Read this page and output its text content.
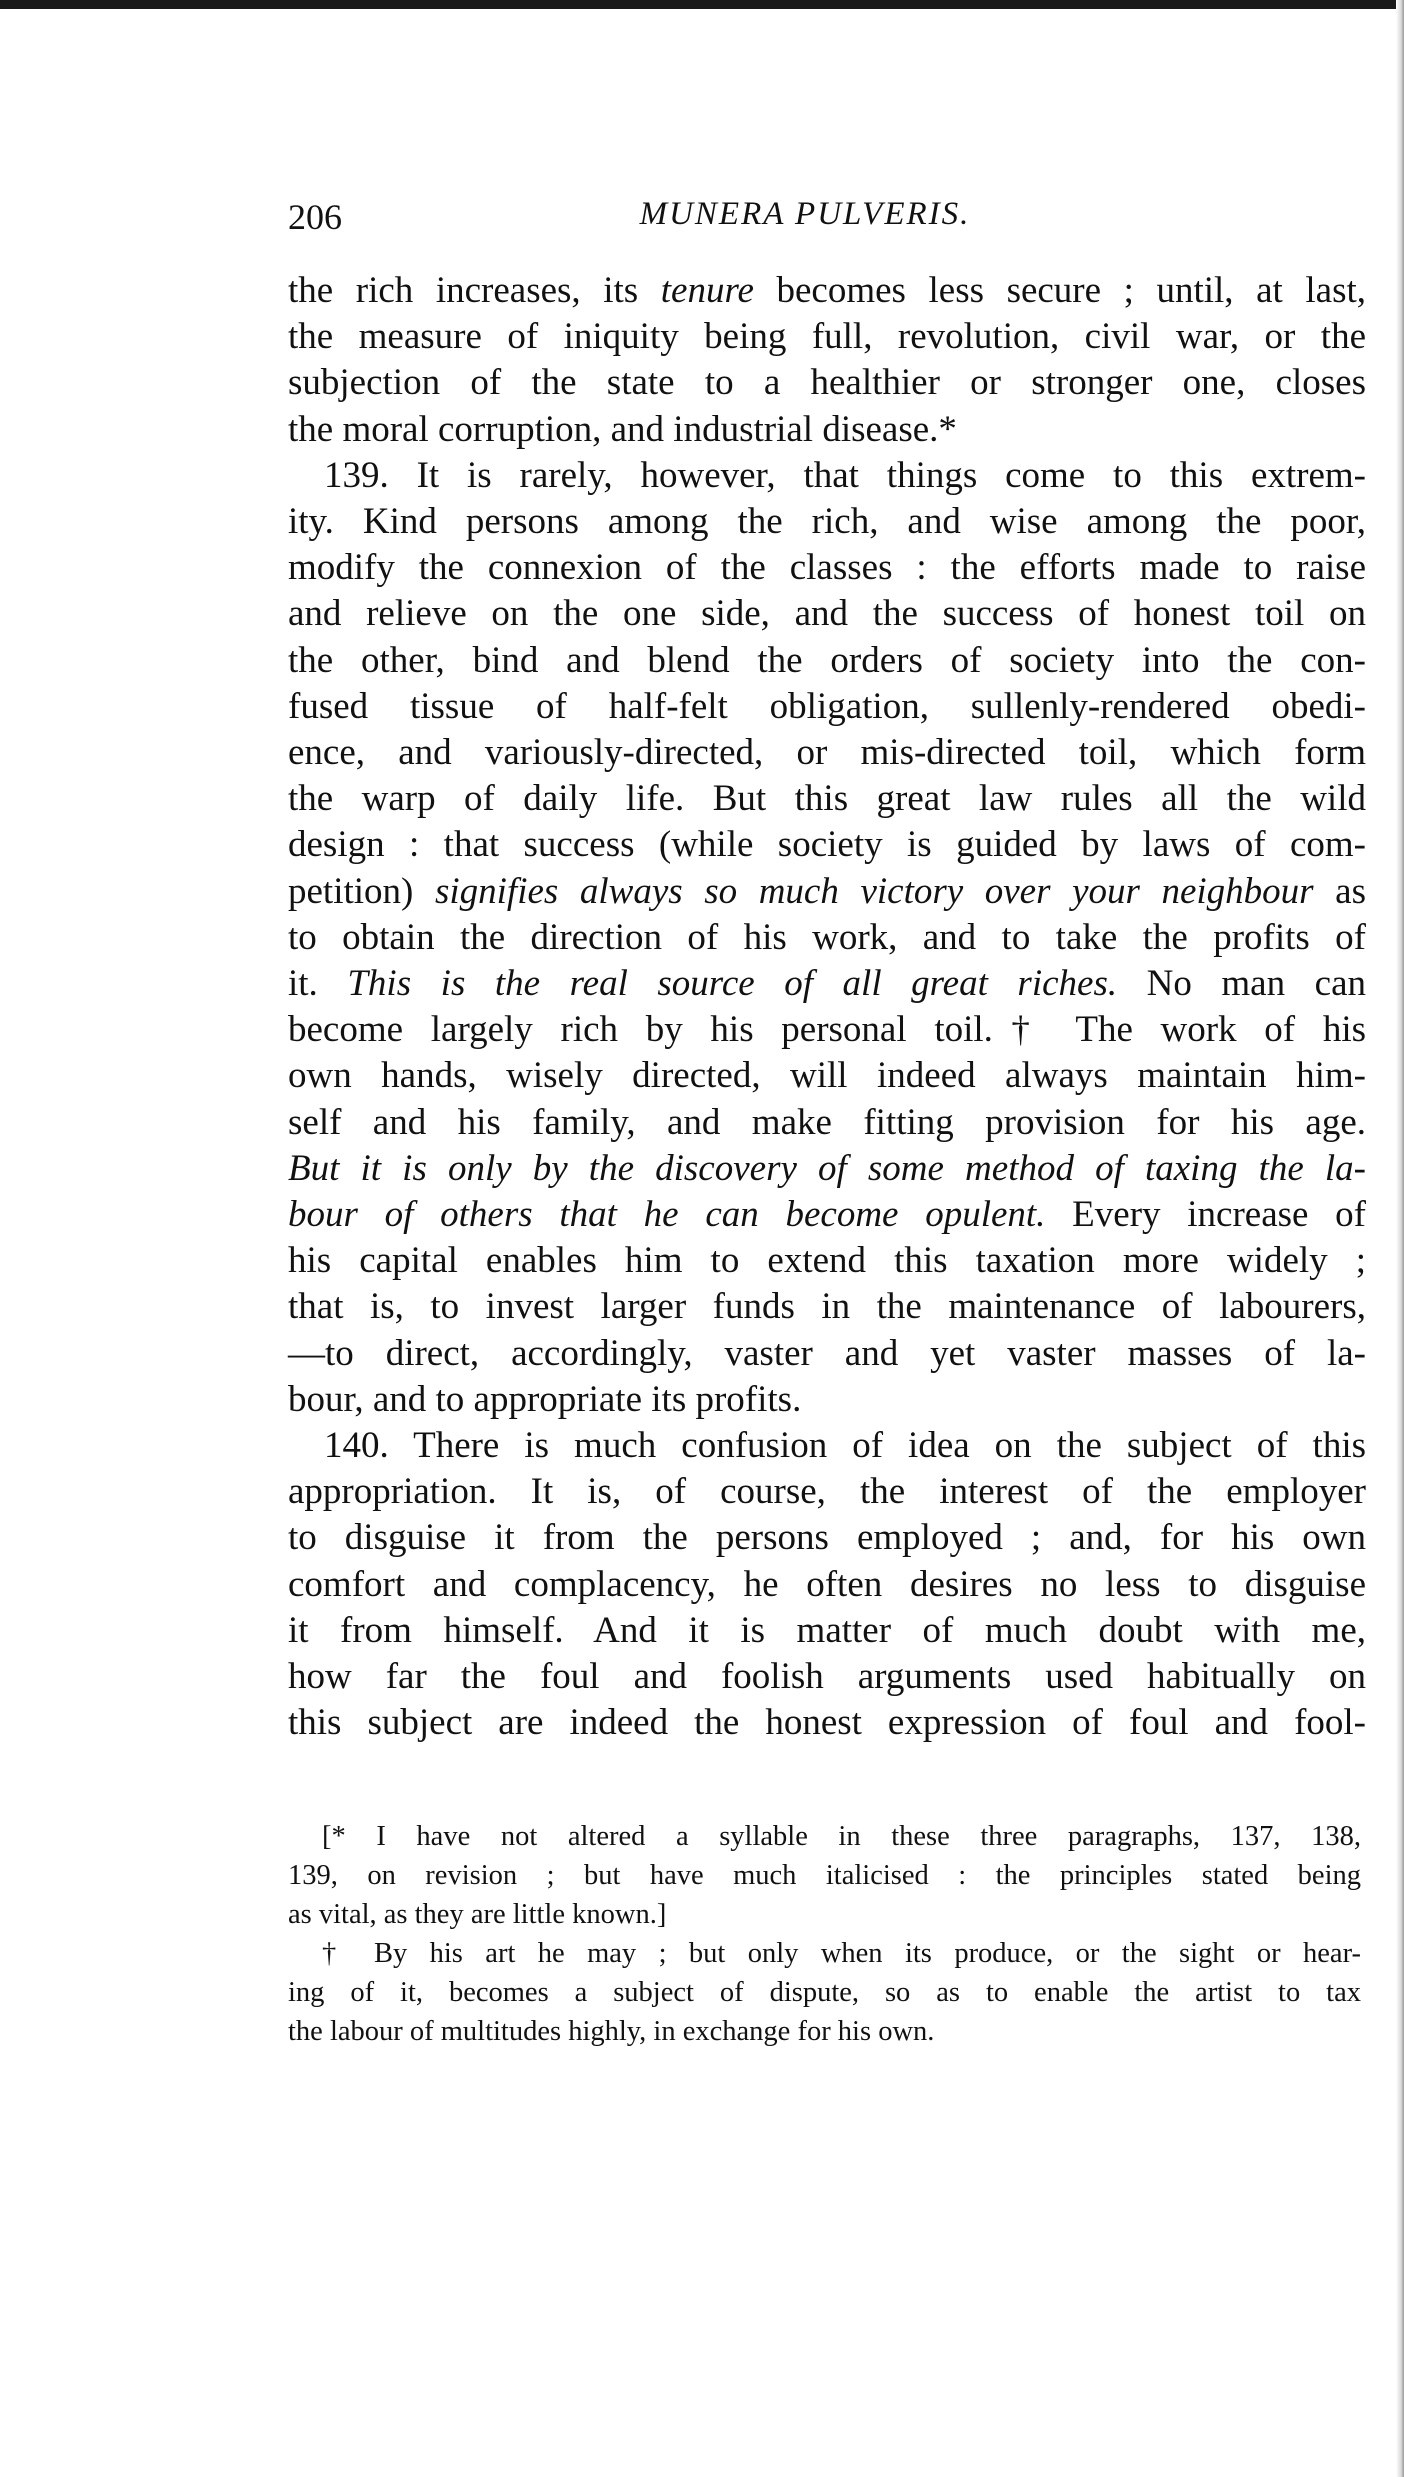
206	MUNERA PULVERIS.
the rich increases, its tenure becomes less secure ; until, at last,
the measure of iniquity being full, revolution, civil war, or the
subjection of the state to a healthier or stronger one, closes
the moral corruption, and industrial disease.*
139. It is rarely, however, that things come to this extrem-
ity. Kind persons among the rich, and wise among the poor,
modify the connexion of the classes : the efforts made to raise
and relieve on the one side, and the success of honest toil on
the other, bind and blend the orders of society into the con-
fused tissue of half-felt obligation, sullenly-rendered obedi-
ence, and variously-directed, or mis-directed toil, which form
the warp of daily life. But this great law rules all the wild
design : that success (while society is guided by laws of com-
petition) signifies always so much victory over your neighbour as
to obtain the direction of his work, and to take the profits of
it. This is the real source of all great riches. No man can
become largely rich by his personal toil.† The work of his
own hands, wisely directed, will indeed always maintain him-
self and his family, and make fitting provision for his age.
But it is only by the discovery of some method of taxing the la-
bour of others that he can become opulent. Every increase of
his capital enables him to extend this taxation more widely ;
that is, to invest larger funds in the maintenance of labourers,
—to direct, accordingly, vaster and yet vaster masses of la-
bour, and to appropriate its profits.
140. There is much confusion of idea on the subject of this
appropriation. It is, of course, the interest of the employer
to disguise it from the persons employed ; and, for his own
comfort and complacency, he often desires no less to disguise
it from himself. And it is matter of much doubt with me,
how far the foul and foolish arguments used habitually on
this subject are indeed the honest expression of foul and fool-
[* I have not altered a syllable in these three paragraphs, 137, 138,
139, on revision ; but have much italicised : the principles stated being
as vital, as they are little known.]
† By his art he may ; but only when its produce, or the sight or hear-
ing of it, becomes a subject of dispute, so as to enable the artist to tax
the labour of multitudes highly, in exchange for his own.
